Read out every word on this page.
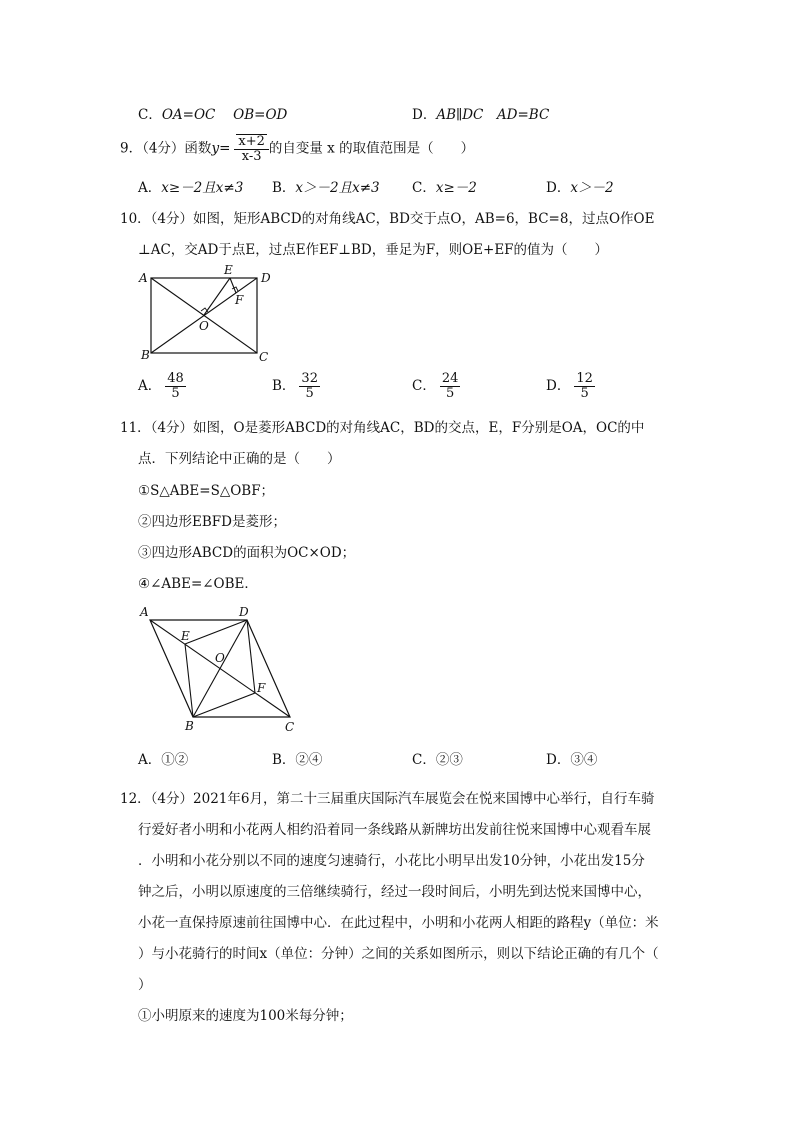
C．OA=OC　 OB=OD	D．AB∥DC　AD=BC
9．（4分）函数$y= \frac{x+2}{x-3}$ 的自变量 x 的取值范围是（　　）
A．x≥－2且x≠3 B．x＞－2且x≠3 C．x≥－2	D．x＞－2
10．（4分）如图，矩形ABCD的对角线AC，BD交于点O，AB=6，BC=8，过点O作OE
⊥AC，交AD于点E，过点E作EF⊥BD，垂足为F，则OE+EF的值为（　　）
A
B	C
D
E
F
O
A． $\frac{48}{5}$	B． $\frac{32}{5}$	C． $\frac{24}{5}$	D． $\frac{12}{5}$
11．（4分）如图，O是菱形ABCD的对角线AC，BD的交点，E，F分别是OA，OC的中
点．下列结论中正确的是（　　）
①S△ABE=S△OBF；
②四边形EBFD是菱形；
③四边形ABCD的面积为OC×OD；
④∠ABE=∠OBE．
A
B	C
D
E
F
O
A．①②	B．②④	C．②③	D．③④
12．（4分）2021年6月，第二十三届重庆国际汽车展览会在悦来国博中心举行，自行车骑
行爱好者小明和小花两人相约沿着同一条线路从新牌坊出发前往悦来国博中心观看车展
．小明和小花分别以不同的速度匀速骑行，小花比小明早出发10分钟，小花出发15分
钟之后，小明以原速度的三倍继续骑行，经过一段时间后，小明先到达悦来国博中心，
小花一直保持原速前往国博中心．在此过程中，小明和小花两人相距的路程y（单位：米
）与小花骑行的时间x（单位：分钟）之间的关系如图所示，则以下结论正确的有几个（
）
①小明原来的速度为100米每分钟；
